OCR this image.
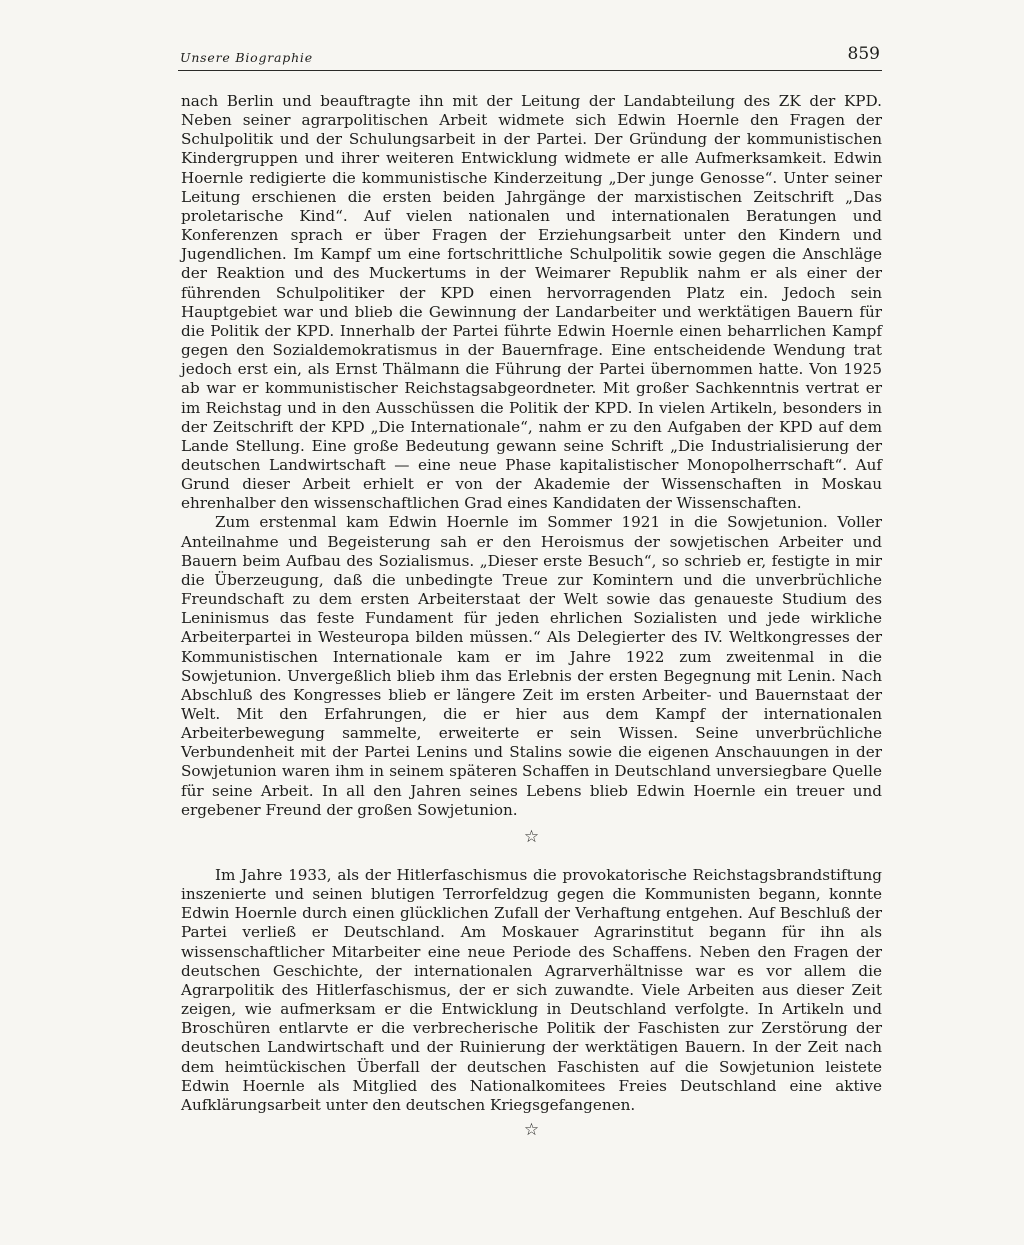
Unsere Biographie	859

nach Berlin und beauftragte ihn mit der Leitung der Landabteilung des ZK der KPD. Neben seiner agrarpolitischen Arbeit widmete sich Edwin Hoernle den Fragen der Schulpolitik und der Schulungsarbeit in der Partei. Der Gründung der kommunistischen Kindergruppen und ihrer weiteren Entwicklung widmete er alle Aufmerksamkeit. Edwin Hoernle redigierte die kommunistische Kinderzeitung „Der junge Genosse“. Unter seiner Leitung erschienen die ersten beiden Jahrgänge der marxistischen Zeitschrift „Das proletarische Kind“. Auf vielen nationalen und internationalen Beratungen und Konferenzen sprach er über Fragen der Erziehungsarbeit unter den Kindern und Jugendlichen. Im Kampf um eine fortschrittliche Schulpolitik sowie gegen die Anschläge der Reaktion und des Muckertums in der Weimarer Republik nahm er als einer der führenden Schulpolitiker der KPD einen hervorragenden Platz ein. Jedoch sein Hauptgebiet war und blieb die Gewinnung der Landarbeiter und werktätigen Bauern für die Politik der KPD. Innerhalb der Partei führte Edwin Hoernle einen beharrlichen Kampf gegen den Sozialdemokratismus in der Bauernfrage. Eine entscheidende Wendung trat jedoch erst ein, als Ernst Thälmann die Führung der Partei übernommen hatte. Von 1925 ab war er kommunistischer Reichstagsabgeordneter. Mit großer Sachkenntnis vertrat er im Reichstag und in den Ausschüssen die Politik der KPD. In vielen Artikeln, besonders in der Zeitschrift der KPD „Die Internationale“, nahm er zu den Aufgaben der KPD auf dem Lande Stellung. Eine große Bedeutung gewann seine Schrift „Die Industrialisierung der deutschen Landwirtschaft — eine neue Phase kapitalistischer Monopolherrschaft“. Auf Grund dieser Arbeit erhielt er von der Akademie der Wissenschaften in Moskau ehrenhalber den wissenschaftlichen Grad eines Kandidaten der Wissenschaften.

Zum erstenmal kam Edwin Hoernle im Sommer 1921 in die Sowjetunion. Voller Anteilnahme und Begeisterung sah er den Heroismus der sowjetischen Arbeiter und Bauern beim Aufbau des Sozialismus. „Dieser erste Besuch“, so schrieb er, festigte in mir die Überzeugung, daß die unbedingte Treue zur Komintern und die unverbrüchliche Freundschaft zu dem ersten Arbeiterstaat der Welt sowie das genaueste Studium des Leninismus das feste Fundament für jeden ehrlichen Sozialisten und jede wirkliche Arbeiterpartei in Westeuropa bilden müssen.“ Als Delegierter des IV. Weltkongresses der Kommunistischen Internationale kam er im Jahre 1922 zum zweitenmal in die Sowjetunion. Unvergeßlich blieb ihm das Erlebnis der ersten Begegnung mit Lenin. Nach Abschluß des Kongresses blieb er längere Zeit im ersten Arbeiter- und Bauernstaat der Welt. Mit den Erfahrungen, die er hier aus dem Kampf der internationalen Arbeiterbewegung sammelte, erweiterte er sein Wissen. Seine unverbrüchliche Verbundenheit mit der Partei Lenins und Stalins sowie die eigenen Anschauungen in der Sowjetunion waren ihm in seinem späteren Schaffen in Deutschland unversiegbare Quelle für seine Arbeit. In all den Jahren seines Lebens blieb Edwin Hoernle ein treuer und ergebener Freund der großen Sowjetunion.

☆

Im Jahre 1933, als der Hitlerfaschismus die provokatorische Reichstagsbrandstiftung inszenierte und seinen blutigen Terrorfeldzug gegen die Kommunisten begann, konnte Edwin Hoernle durch einen glücklichen Zufall der Verhaftung entgehen. Auf Beschluß der Partei verließ er Deutschland. Am Moskauer Agrarinstitut begann für ihn als wissenschaftlicher Mitarbeiter eine neue Periode des Schaffens. Neben den Fragen der deutschen Geschichte, der internationalen Agrarverhältnisse war es vor allem die Agrarpolitik des Hitlerfaschismus, der er sich zuwandte. Viele Arbeiten aus dieser Zeit zeigen, wie aufmerksam er die Entwicklung in Deutschland verfolgte. In Artikeln und Broschüren entlarvte er die verbrecherische Politik der Faschisten zur Zerstörung der deutschen Landwirtschaft und der Ruinierung der werktätigen Bauern. In der Zeit nach dem heimtückischen Überfall der deutschen Faschisten auf die Sowjetunion leistete Edwin Hoernle als Mitglied des Nationalkomitees Freies Deutschland eine aktive Aufklärungsarbeit unter den deutschen Kriegsgefangenen.

☆
